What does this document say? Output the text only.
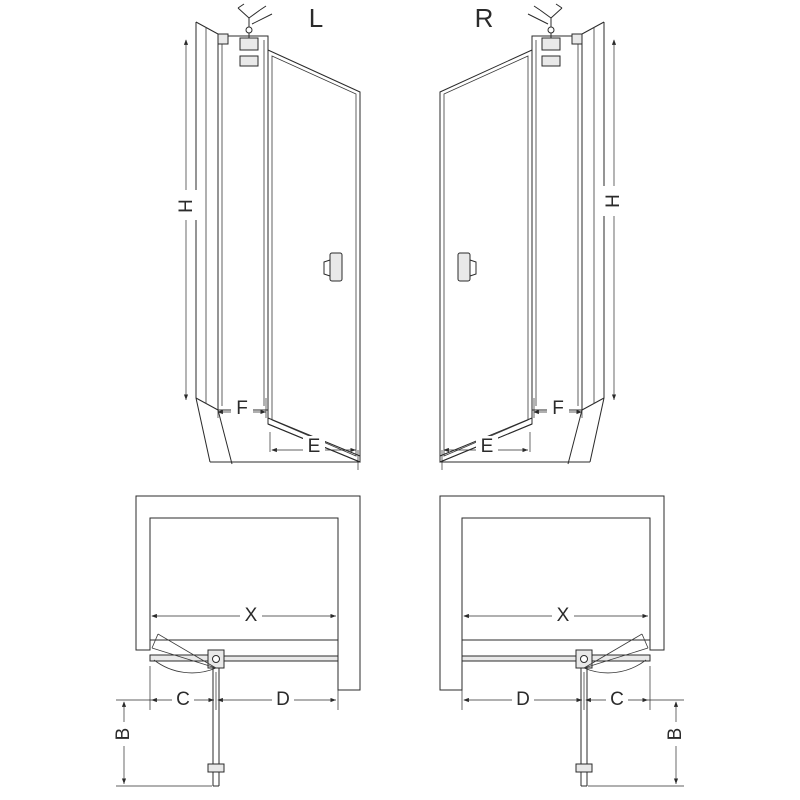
H
F
E
L
H
F
E
R
X
C	D
B
X
D	C
B
